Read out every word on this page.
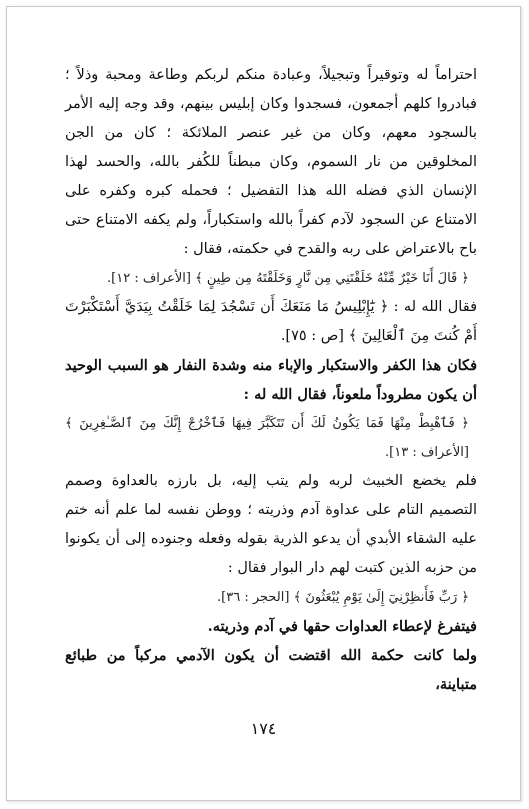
احتراماً له وتوقيراً وتبجيلاً، وعبادة منكم لربكم وطاعة ومحبة وذلاً ؛ فبادروا كلهم أجمعون، فسجدوا وكان إبليس بينهم، وقد وجه إليه الأمر بالسجود معهم، وكان من غير عنصر الملائكة ؛ كان من الجن المخلوقين من نار السموم، وكان مبطناً للكُفر بالله، والحسد لهذا الإنسان الذي فضله الله هذا التفضيل ؛ فحمله كبره وكفره على الامتناع عن السجود لآدم كفراً بالله واستكباراً، ولم يكفه الامتناع حتى باح بالاعتراض على ربه والقدح في حكمته، فقال :

﴿ قَالَ أَنَا خَيْرٌ مِّنْهُ خَلَقْتَنِي مِن نَّارٍ وَخَلَقْتَهُ مِن طِينٍ ﴾ [الأعراف : ١٢].

فقال الله له : ﴿ يَٰٓإِبْلِيسُ مَا مَنَعَكَ أَن تَسْجُدَ لِمَا خَلَقْتُ بِيَدَيَّ أَسْتَكْبَرْتَ أَمْ كُنتَ مِنَ ٱلْعَالِينَ ﴾ [ص : ٧٥].

فكان هذا الكفر والاستكبار والإباء منه وشدة النفار هو السبب الوحيد أن يكون مطروداً ملعوناً، فقال الله له :

﴿ فَٱهْبِطْ مِنْهَا فَمَا يَكُونُ لَكَ أَن تَتَكَبَّرَ فِيهَا فَٱخْرُجْ إِنَّكَ مِنَ ٱلصَّـٰغِرِينَ ﴾ [الأعراف : ١٣].

فلم يخضع الخبيث لربه ولم يتب إليه، بل بارزه بالعداوة وصمم التصميم التام على عداوة آدم وذريته ؛ ووطن نفسه لما علم أنه ختم عليه الشقاء الأبدي أن يدعو الذرية بقوله وفعله وجنوده إلى أن يكونوا من حزبه الذين كتبت لهم دار البوار فقال :

﴿ رَبِّ فَأَنظِرْنِيٓ إِلَىٰ يَوْمِ يُبْعَثُونَ ﴾ [الحجر : ٣٦].

فيتفرغ لإعطاء العداوات حقها في آدم وذريته.

ولما كانت حكمة الله اقتضت أن يكون الآدمي مركباً من طبائع متباينة،

١٧٤
